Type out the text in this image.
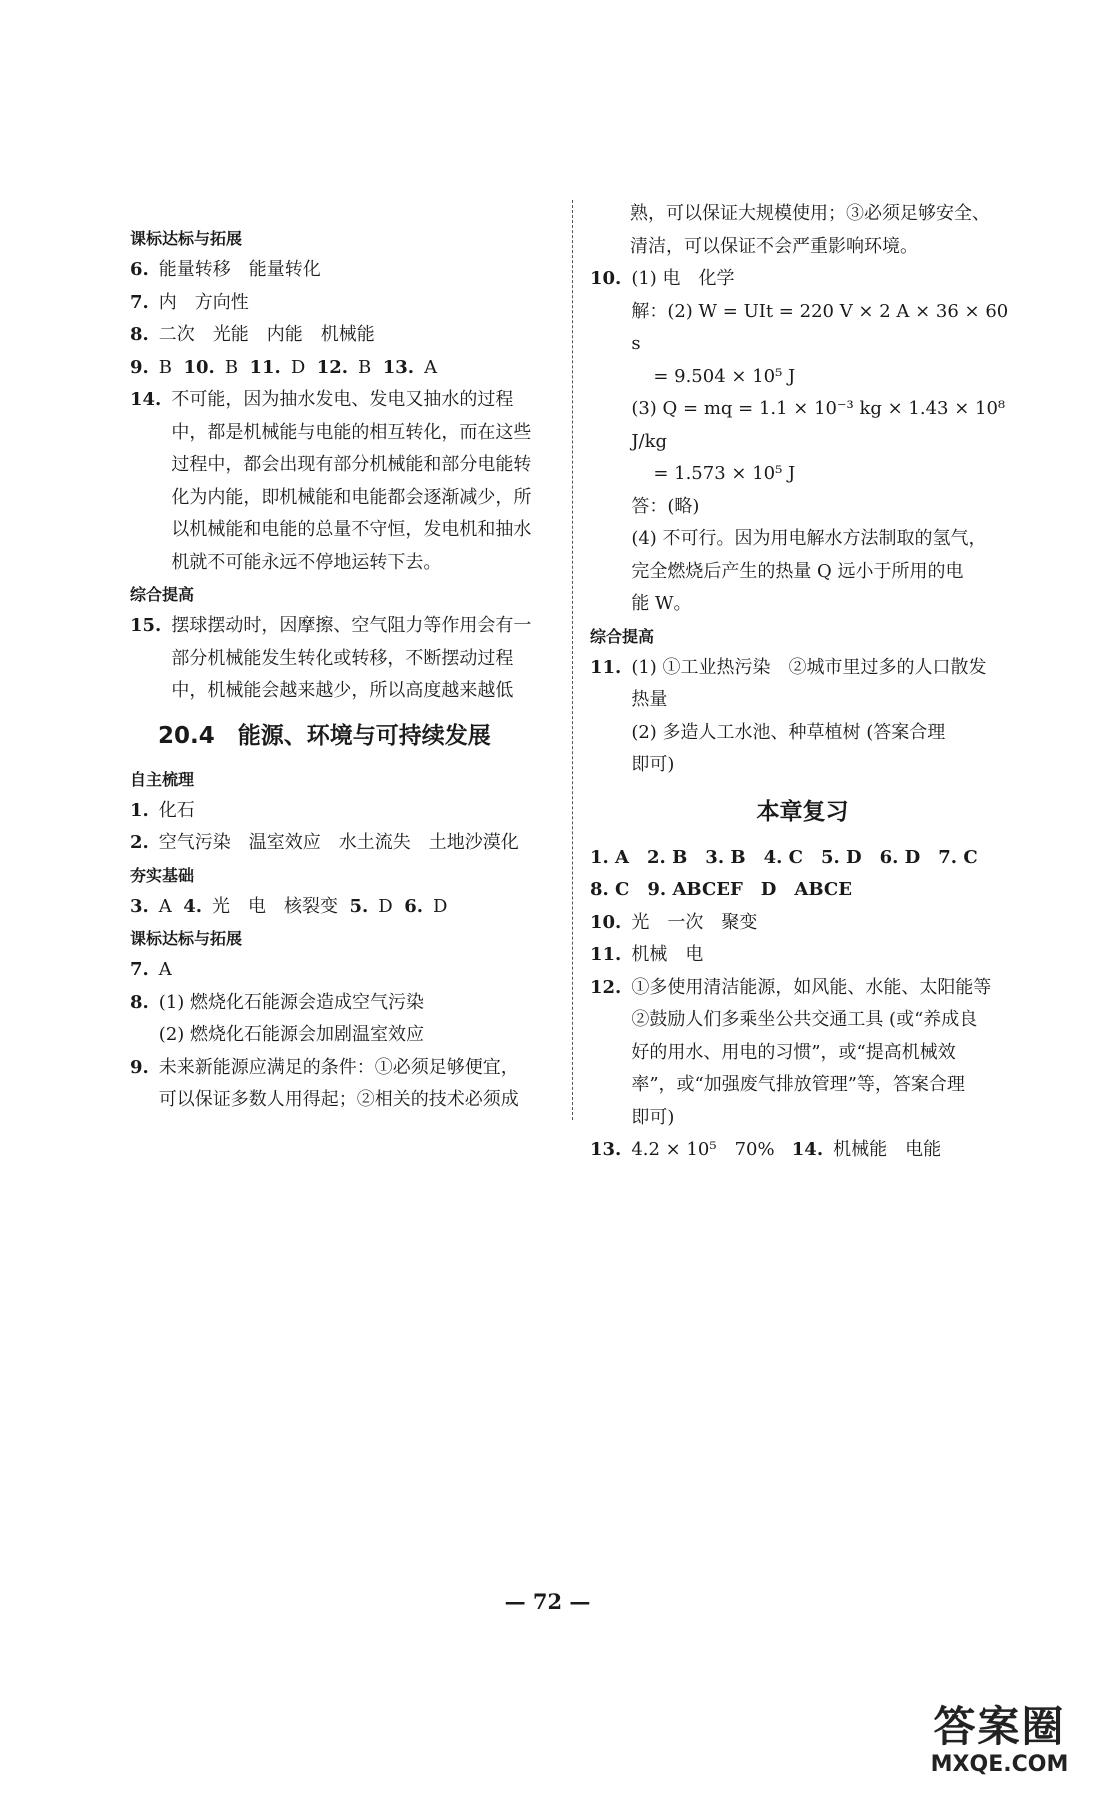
课标达标与拓展
6. 能量转移　能量转化
7. 内　方向性
8. 二次　光能　内能　机械能
9. B
10. B
11. D
12. B
13. A
14. 不可能，因为抽水发电、发电又抽水的过程
中，都是机械能与电能的相互转化，而在这些
过程中，都会出现有部分机械能和部分电能转
化为内能，即机械能和电能都会逐渐减少，所
以机械能和电能的总量不守恒，发电机和抽水
机就不可能永远不停地运转下去。
综合提高
15. 摆球摆动时，因摩擦、空气阻力等作用会有一
部分机械能发生转化或转移，不断摆动过程
中，机械能会越来越少，所以高度越来越低
20.4　能源、环境与可持续发展
自主梳理
1. 化石
2. 空气污染　温室效应　水土流失　土地沙漠化
夯实基础
3. A
4. 光　电　核裂变
5. D
6. D
课标达标与拓展
7. A
8. (1) 燃烧化石能源会造成空气污染
(2) 燃烧化石能源会加剧温室效应
9. 未来新能源应满足的条件：①必须足够便宜，
可以保证多数人用得起；②相关的技术必须成
熟，可以保证大规模使用；③必须足够安全、
清洁，可以保证不会严重影响环境。
10. (1) 电　化学
解：(2) W = UIt = 220 V × 2 A × 36 × 60 s
= 9.504 × 10⁵ J
(3) Q = mq = 1.1 × 10⁻³ kg × 1.43 × 10⁸ J/kg
= 1.573 × 10⁵ J
答：(略)
(4) 不可行。因为用电解水方法制取的氢气，
完全燃烧后产生的热量 Q 远小于所用的电
能 W。
综合提高
11. (1) ①工业热污染　②城市里过多的人口散发
热量
(2) 多造人工水池、种草植树 (答案合理
即可)
本章复习
1. A　2. B　3. B　4. C　5. D　6. D　7. C
8. C　9. ABCEF　D　ABCE
10. 光　一次　聚变
11. 机械　电
12. ①多使用清洁能源，如风能、水能、太阳能等
②鼓励人们多乘坐公共交通工具 (或“养成良
好的用水、用电的习惯”，或“提高机械效
率”，或“加强废气排放管理”等，答案合理
即可)
13. 4.2 × 10⁵　70%
14. 机械能　电能
— 72 —
答案圈
MXQE.COM
